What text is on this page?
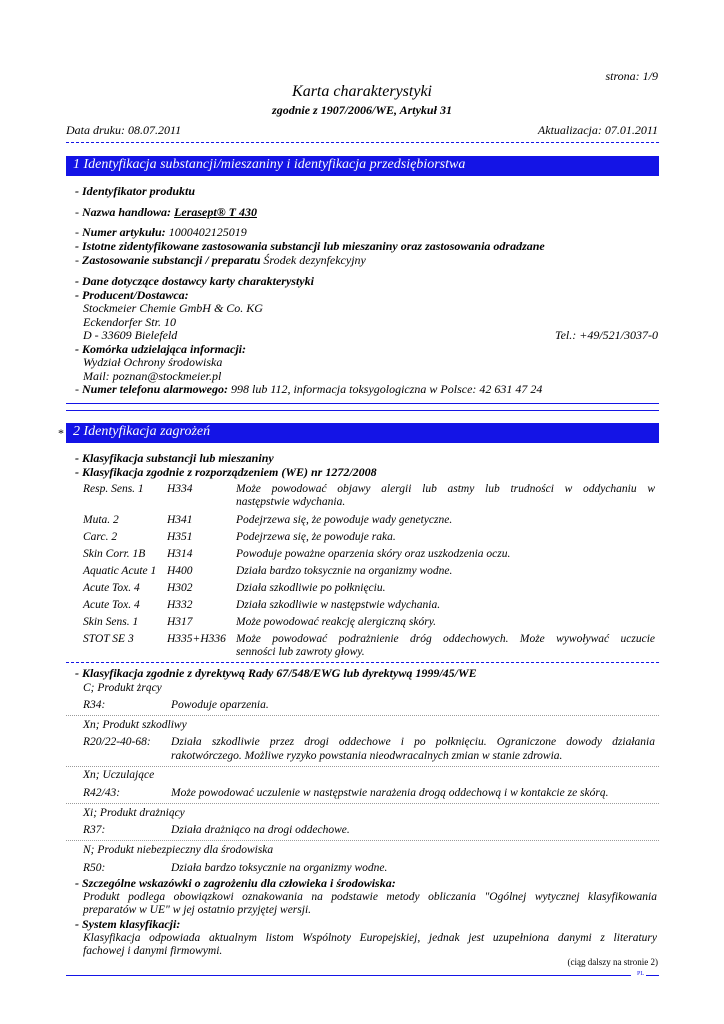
strona: 1/9
Karta charakterystyki
zgodnie z 1907/2006/WE, Artykuł 31
Data druku: 08.07.2011	Aktualizacja: 07.01.2011
1 Identyfikacja substancji/mieszaniny i identyfikacja przedsiębiorstwa
- Identyfikator produktu
- Nazwa handlowa: Lerasept® T 430
- Numer artykułu: 1000402125019
- Istotne zidentyfikowane zastosowania substancji lub mieszaniny oraz zastosowania odradzane
- Zastosowanie substancji / preparatu Środek dezynfekcyjny
- Dane dotyczące dostawcy karty charakterystyki
- Producent/Dostawca:
Stockmeier Chemie GmbH & Co. KG
Eckendorfer Str. 10
D - 33609 Bielefeld	Tel.: +49/521/3037-0
- Komórka udzielająca informacji:
Wydział Ochrony środowiska
Mail: poznan@stockmeier.pl
- Numer telefonu alarmowego: 998 lub 112, informacja toksygologiczna w Polsce: 42 631 47 24
* 2 Identyfikacja zagrożeń
- Klasyfikacja substancji lub mieszaniny
- Klasyfikacja zgodnie z rozporządzeniem (WE) nr 1272/2008
Resp. Sens. 1 H334	Może powodować objawy alergii lub astmy lub trudności w oddychaniu w
następstwie wdychania.
Muta. 2	H341	Podejrzewa się, że powoduje wady genetyczne.
Carc. 2	H351	Podejrzewa się, że powoduje raka.
Skin Corr. 1B H314	Powoduje poważne oparzenia skóry oraz uszkodzenia oczu.
Aquatic Acute 1 H400	Działa bardzo toksycznie na organizmy wodne.
Acute Tox. 4 H302	Działa szkodliwie po połknięciu.
Acute Tox. 4 H332	Działa szkodliwie w następstwie wdychania.
Skin Sens. 1 H317	Może powodować reakcję alergiczną skóry.
STOT SE 3	H335+H336 Może powodować podrażnienie dróg oddechowych. Może wywoływać uczucie
senności lub zawroty głowy.
- Klasyfikacja zgodnie z dyrektywą Rady 67/548/EWG lub dyrektywą 1999/45/WE
C; Produkt żrący
R34:	Powoduje oparzenia.
Xn; Produkt szkodliwy
R20/22-40-68: Działa szkodliwie przez drogi oddechowe i po połknięciu. Ograniczone dowody działania
rakotwórczego. Możliwe ryzyko powstania nieodwracalnych zmian w stanie zdrowia.
Xn; Uczulające
R42/43:	Może powodować uczulenie w następstwie narażenia drogą oddechową i w kontakcie ze skórą.
Xi; Produkt drażniący
R37:	Działa drażniąco na drogi oddechowe.
N; Produkt niebezpieczny dla środowiska
R50:	Działa bardzo toksycznie na organizmy wodne.
- Szczególne wskazówki o zagrożeniu dla człowieka i środowiska:
Produkt podlega obowiązkowi oznakowania na podstawie metody obliczania "Ogólnej wytycznej klasyfikowania
preparatów w UE" w jej ostatnio przyjętej wersji.
- System klasyfikacji:
Klasyfikacja odpowiada aktualnym listom Wspólnoty Europejskiej, jednak jest uzupełniona danymi z literatury
fachowej i danymi firmowymi.
(ciąg dalszy na stronie 2)
PL
